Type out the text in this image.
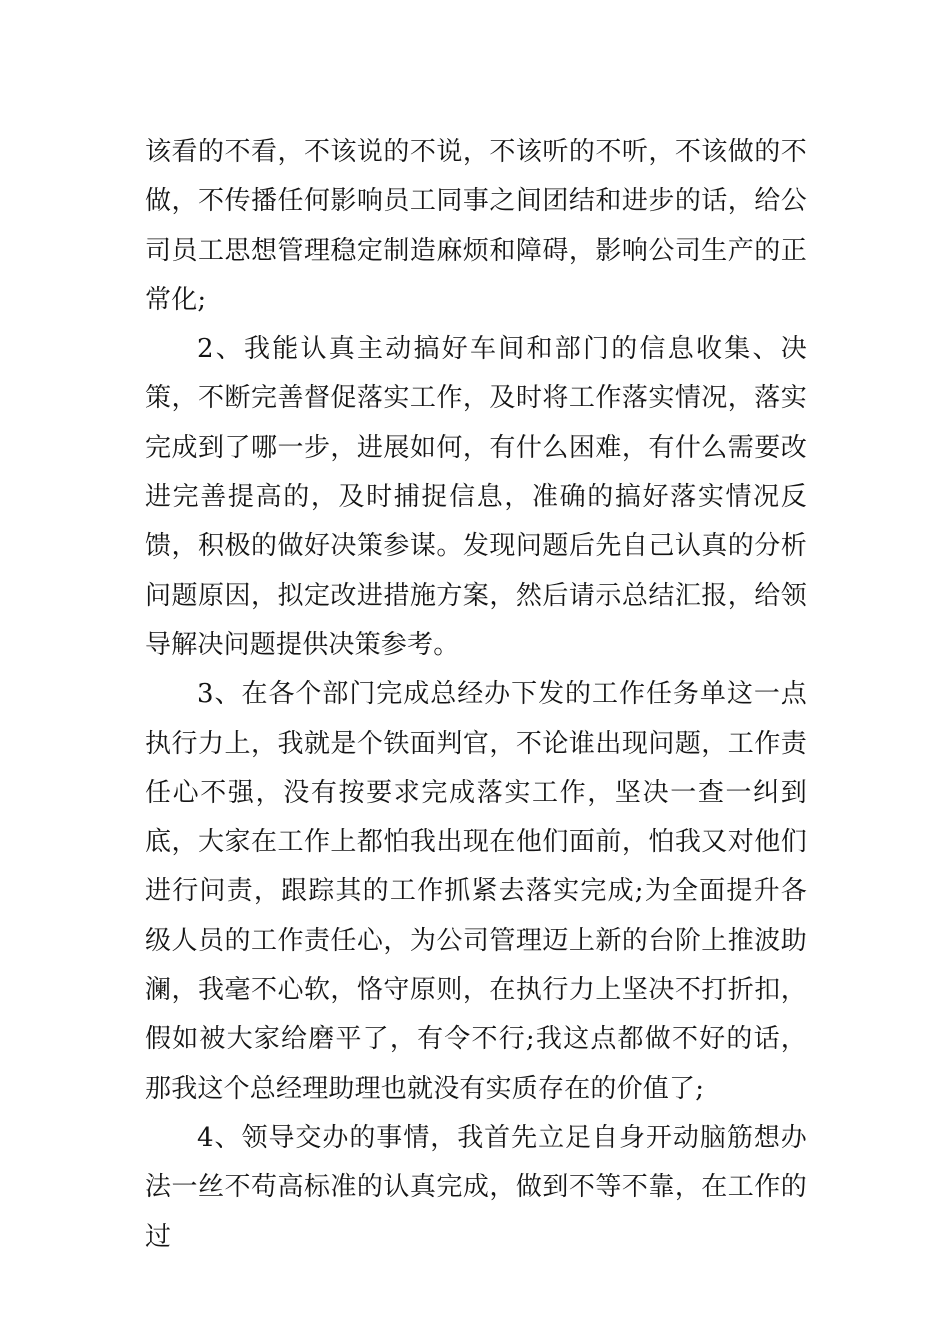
该看的不看，不该说的不说，不该听的不听，不该做的不做，不传播任何影响员工同事之间团结和进步的话，给公司员工思想管理稳定制造麻烦和障碍，影响公司生产的正常化;

2、我能认真主动搞好车间和部门的信息收集、决策，不断完善督促落实工作，及时将工作落实情况，落实完成到了哪一步，进展如何，有什么困难，有什么需要改进完善提高的，及时捕捉信息，准确的搞好落实情况反馈，积极的做好决策参谋。发现问题后先自己认真的分析问题原因，拟定改进措施方案，然后请示总结汇报，给领导解决问题提供决策参考。

3、在各个部门完成总经办下发的工作任务单这一点执行力上，我就是个铁面判官，不论谁出现问题，工作责任心不强，没有按要求完成落实工作，坚决一查一纠到底，大家在工作上都怕我出现在他们面前，怕我又对他们进行问责，跟踪其的工作抓紧去落实完成;为全面提升各级人员的工作责任心，为公司管理迈上新的台阶上推波助澜，我毫不心软，恪守原则，在执行力上坚决不打折扣，假如被大家给磨平了，有令不行;我这点都做不好的话，那我这个总经理助理也就没有实质存在的价值了;

4、领导交办的事情，我首先立足自身开动脑筋想办法一丝不苟高标准的认真完成，做到不等不靠，在工作的过
